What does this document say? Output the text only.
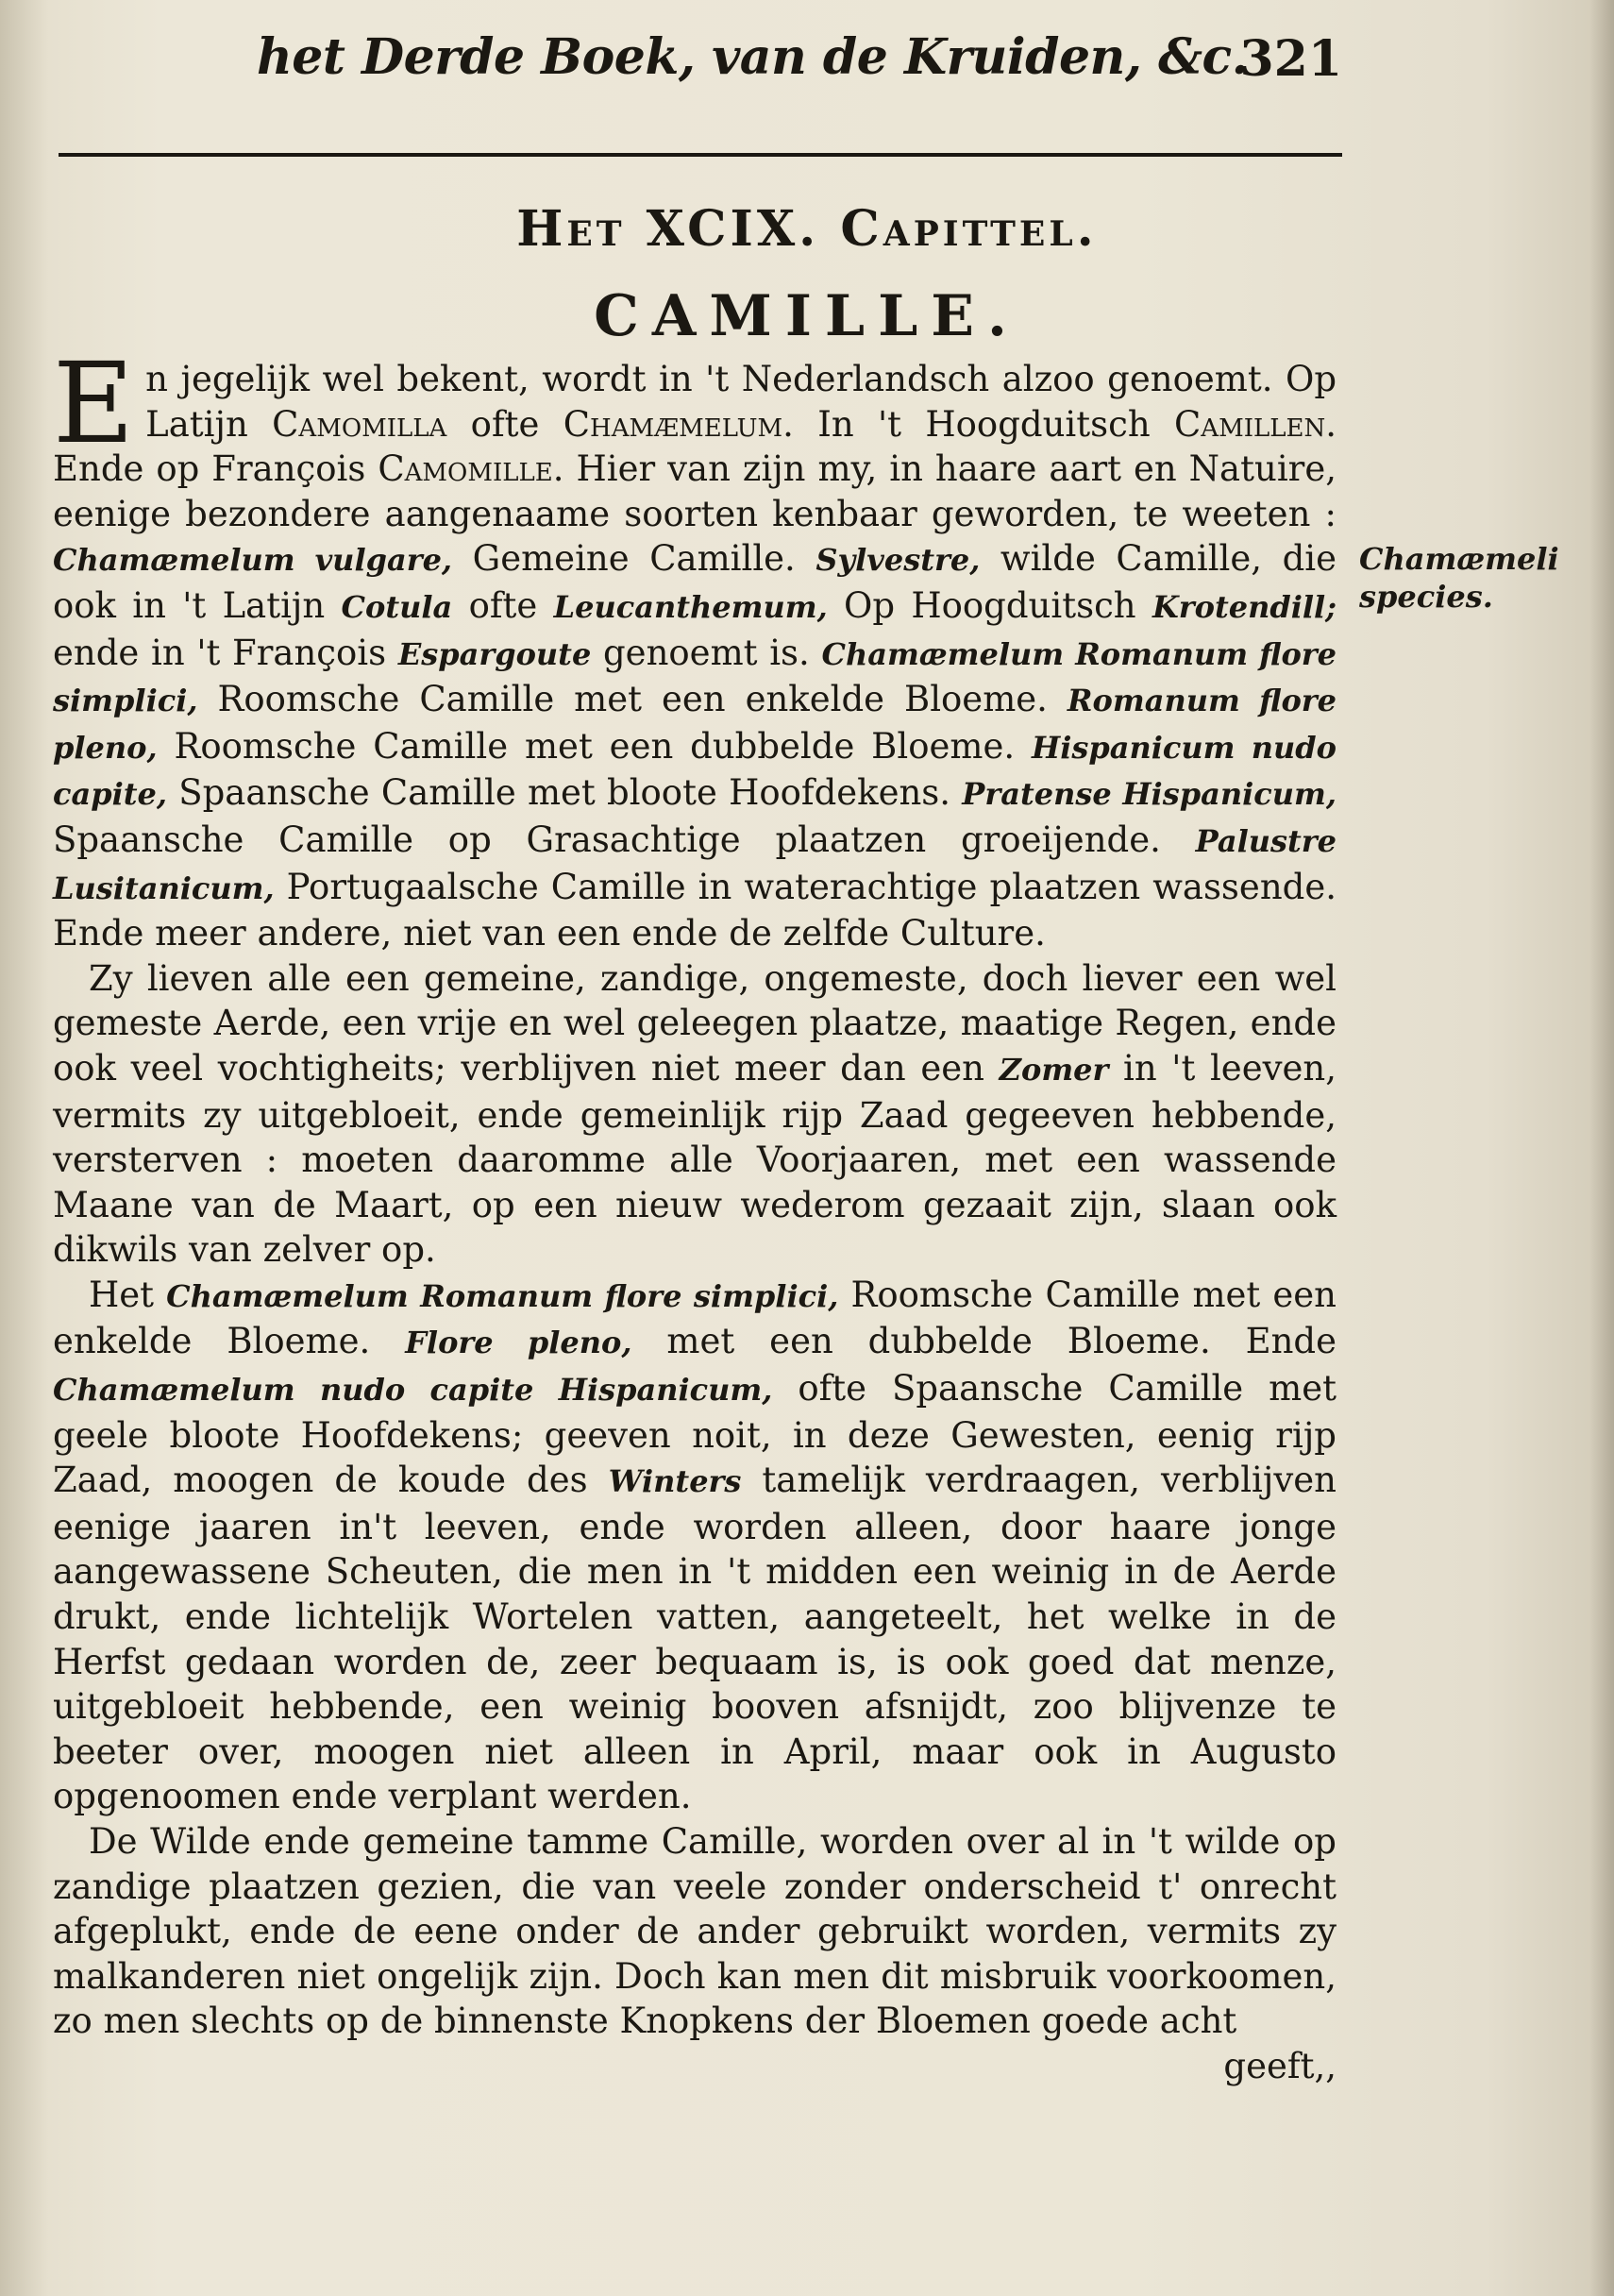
het Derde Boek, van de Kruiden, &c.
321
Het XCIX. Capittel.
CAMILLE.
Chamæmeli species.

En jegelijk wel bekent, wordt in 't Nederlandsch alzoo genoemt. Op Latijn Camomilla ofte Chamæmelum. In 't Hoogduitsch Camillen. Ende op François Camomille. Hier van zijn my, in haare aart en Natuire, eenige bezondere aangenaame soorten kenbaar geworden, te weeten : Chamæmelum vulgare, Gemeine Camille. Sylvestre, wilde Camille, die ook in 't Latijn Cotula ofte Leucanthemum, Op Hoogduitsch Krotendill; ende in 't François Espargoute genoemt is. Chamæmelum Romanum flore simplici, Roomsche Camille met een enkelde Bloeme. Romanum flore pleno, Roomsche Camille met een dubbelde Bloeme. Hispanicum nudo capite, Spaansche Camille met bloote Hoofdekens. Pratense Hispanicum, Spaansche Camille op Grasachtige plaatzen groeijende. Palustre Lusitanicum, Portugaalsche Camille in waterachtige plaatzen wassende. Ende meer andere, niet van een ende de zelfde Culture.

Zy lieven alle een gemeine, zandige, ongemeste, doch liever een wel gemeste Aerde, een vrije en wel geleegen plaatze, maatige Regen, ende ook veel vochtigheits; verblijven niet meer dan een Zomer in 't leeven, vermits zy uitgebloeit, ende gemeinlijk rijp Zaad gegeeven hebbende, versterven : moeten daaromme alle Voorjaaren, met een wassende Maane van de Maart, op een nieuw wederom gezaait zijn, slaan ook dikwils van zelver op.

Het Chamæmelum Romanum flore simplici, Roomsche Camille met een enkelde Bloeme. Flore pleno, met een dubbelde Bloeme. Ende Chamæmelum nudo capite Hispanicum, ofte Spaansche Camille met geele bloote Hoofdekens; geeven noit, in deze Gewesten, eenig rijp Zaad, moogen de koude des Winters tamelijk verdraagen, verblijven eenige jaaren in't leeven, ende worden alleen, door haare jonge aangewassene Scheuten, die men in 't midden een weinig in de Aerde drukt, ende lichtelijk Wortelen vatten, aangeteelt, het welke in de Herfst gedaan worden de, zeer bequaam is, is ook goed dat menze, uitgebloeit hebbende, een weinig booven afsnijdt, zoo blijvenze te beeter over, moogen niet alleen in April, maar ook in Augusto opgenoomen ende verplant werden.

De Wilde ende gemeine tamme Camille, worden over al in 't wilde op zandige plaatzen gezien, die van veele zonder onderscheid t' onrecht afgeplukt, ende de eene onder de ander gebruikt worden, vermits zy malkanderen niet ongelijk zijn. Doch kan men dit misbruik voorkoomen, zo men slechts op de binnenste Knopkens der Bloemen goede acht

geeft,,
